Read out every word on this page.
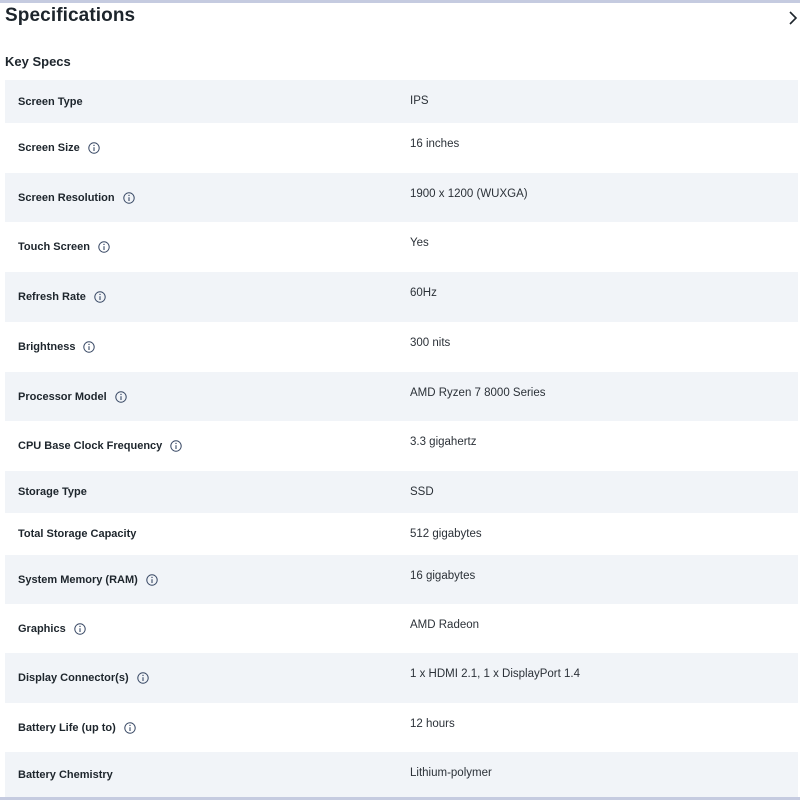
Specifications
Key Specs
Screen Type	IPS
Screen Size	16 inches
Screen Resolution	1900 x 1200 (WUXGA)
Touch Screen	Yes
Refresh Rate	60Hz
Brightness	300 nits
Processor Model	AMD Ryzen 7 8000 Series
CPU Base Clock Frequency	3.3 gigahertz
Storage Type	SSD
Total Storage Capacity	512 gigabytes
System Memory (RAM)	16 gigabytes
Graphics	AMD Radeon
Display Connector(s)	1 x HDMI 2.1, 1 x DisplayPort 1.4
Battery Life (up to)	12 hours
Battery Chemistry	Lithium-polymer
